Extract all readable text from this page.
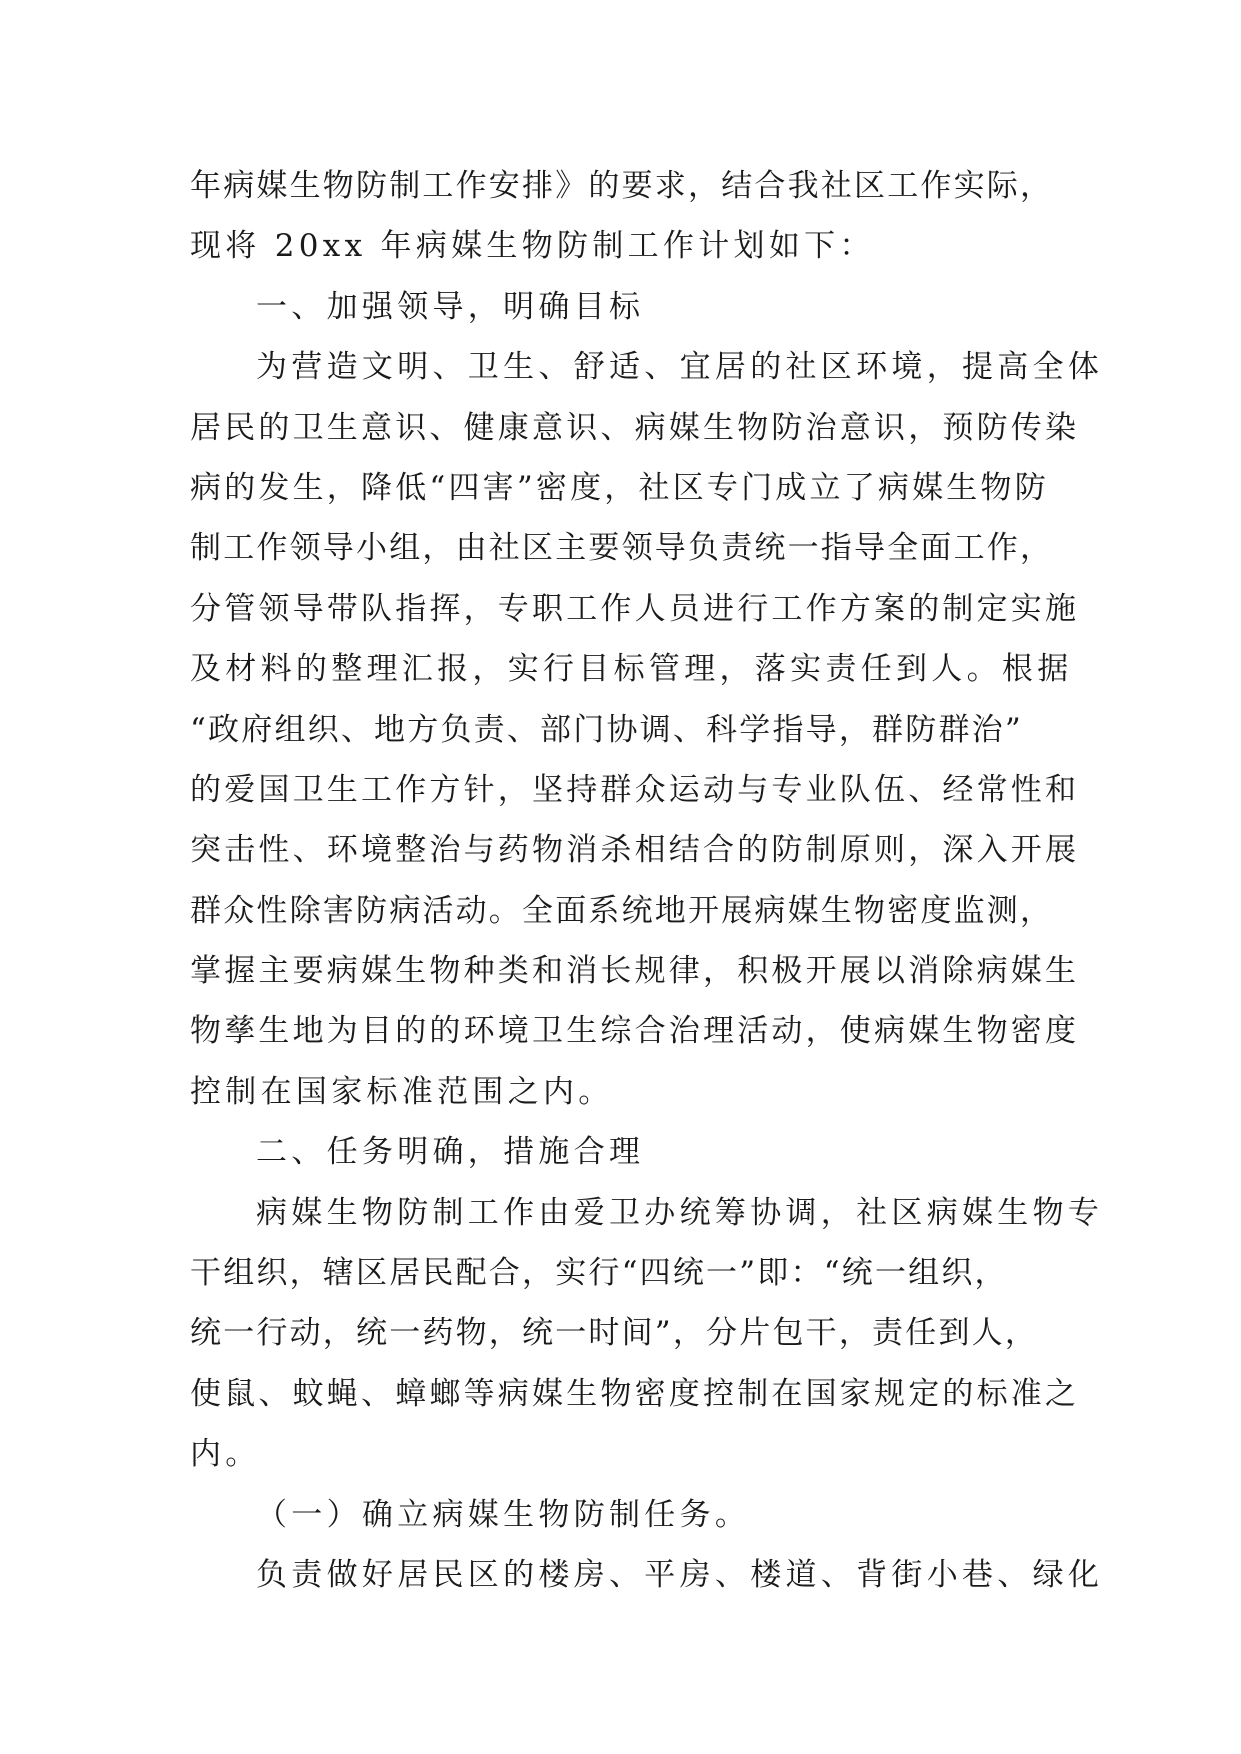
年病媒生物防制工作安排》的要求，结合我社区工作实际，
现将 20xx 年病媒生物防制工作计划如下：
一、加强领导，明确目标
为营造文明、卫生、舒适、宜居的社区环境，提高全体
居民的卫生意识、健康意识、病媒生物防治意识，预防传染
病的发生，降低“四害”密度，社区专门成立了病媒生物防
制工作领导小组，由社区主要领导负责统一指导全面工作，
分管领导带队指挥，专职工作人员进行工作方案的制定实施
及材料的整理汇报，实行目标管理，落实责任到人。根据
“政府组织、地方负责、部门协调、科学指导，群防群治”
的爱国卫生工作方针，坚持群众运动与专业队伍、经常性和
突击性、环境整治与药物消杀相结合的防制原则，深入开展
群众性除害防病活动。全面系统地开展病媒生物密度监测，
掌握主要病媒生物种类和消长规律，积极开展以消除病媒生
物孳生地为目的的环境卫生综合治理活动，使病媒生物密度
控制在国家标准范围之内。
二、任务明确，措施合理
病媒生物防制工作由爱卫办统筹协调，社区病媒生物专
干组织，辖区居民配合，实行“四统一”即：“统一组织，
统一行动，统一药物，统一时间”，分片包干，责任到人，
使鼠、蚊蝇、蟑螂等病媒生物密度控制在国家规定的标准之
内。
（一）确立病媒生物防制任务。
负责做好居民区的楼房、平房、楼道、背街小巷、绿化
